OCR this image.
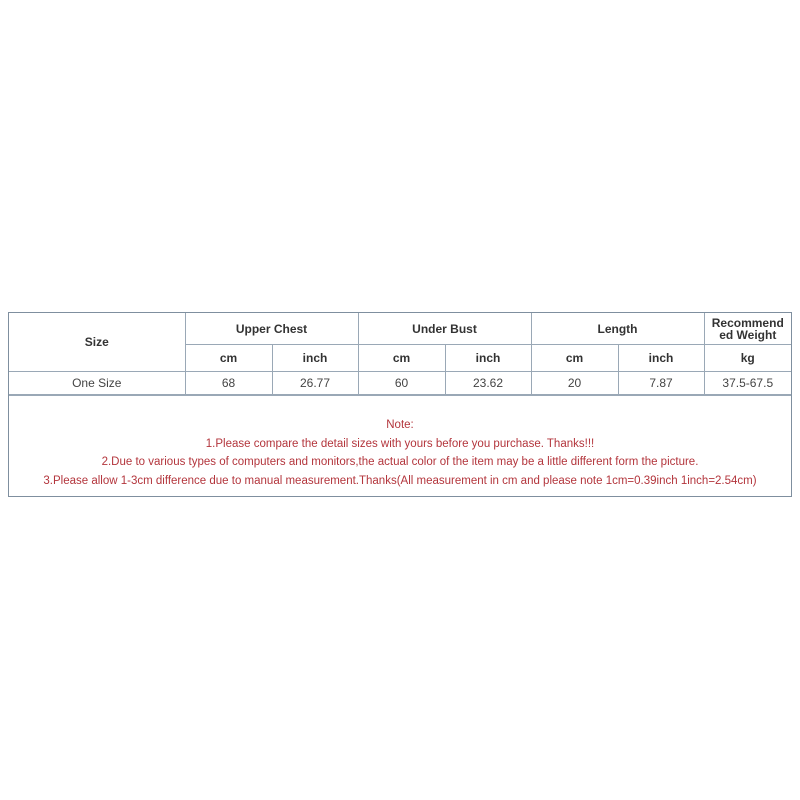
Size	Upper Chest		Under Bust		Length		Recommend
ed Weight
	cm	inch	cm	inch	cm	inch	kg
One Size	68	26.77	60	23.62	20	7.87	37.5-67.5
Note:
1.Please compare the detail sizes with yours before you purchase. Thanks!!!
2.Due to various types of computers and monitors,the actual color of the item may be a little different form the picture.
3.Please allow 1-3cm difference due to manual measurement.Thanks(All measurement in cm and please note 1cm=0.39inch 1inch=2.54cm)
